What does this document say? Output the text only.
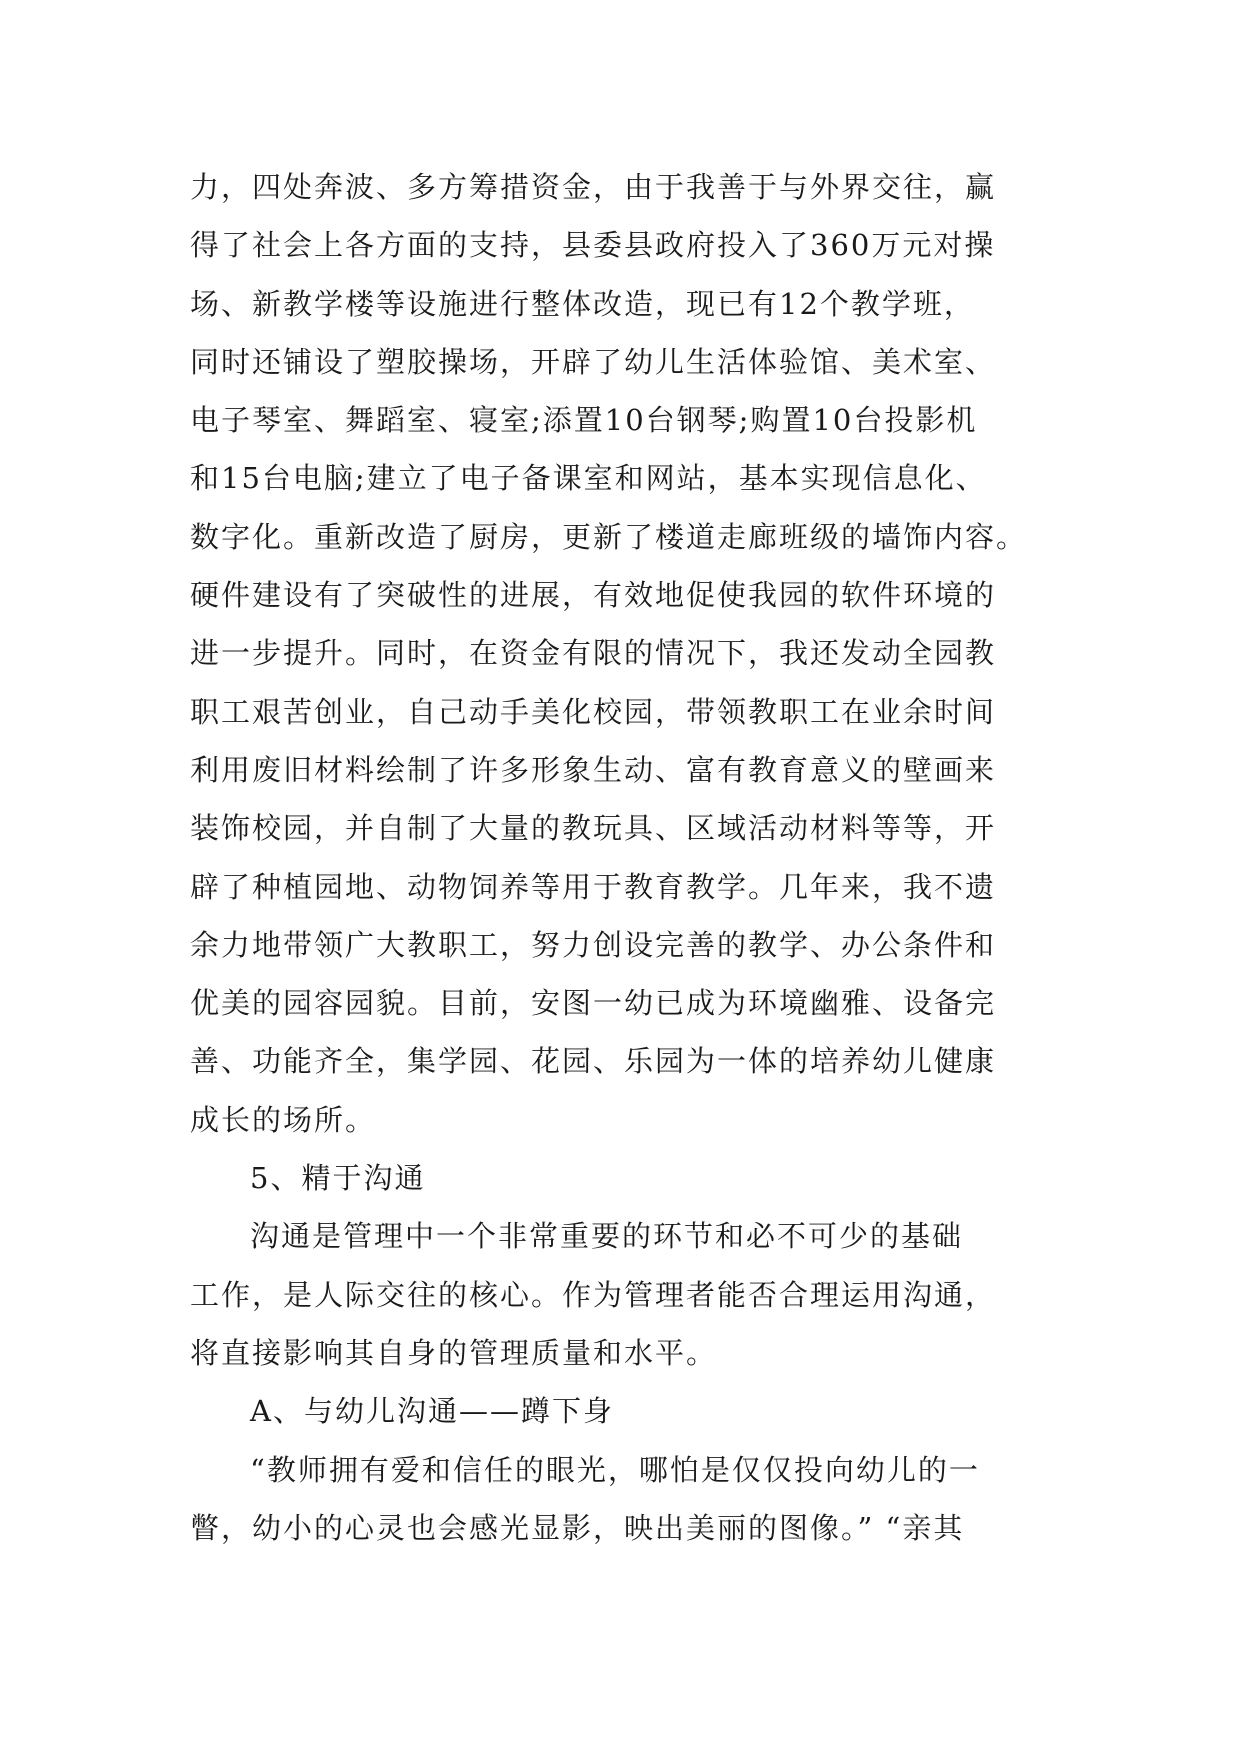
力，四处奔波、多方筹措资金，由于我善于与外界交往，赢
得了社会上各方面的支持，县委县政府投入了360万元对操
场、新教学楼等设施进行整体改造，现已有12个教学班，
同时还铺设了塑胶操场，开辟了幼儿生活体验馆、美术室、
电子琴室、舞蹈室、寝室;添置10台钢琴;购置10台投影机
和15台电脑;建立了电子备课室和网站，基本实现信息化、
数字化。重新改造了厨房，更新了楼道走廊班级的墙饰内容。
硬件建设有了突破性的进展，有效地促使我园的软件环境的
进一步提升。同时，在资金有限的情况下，我还发动全园教
职工艰苦创业，自己动手美化校园，带领教职工在业余时间
利用废旧材料绘制了许多形象生动、富有教育意义的壁画来
装饰校园，并自制了大量的教玩具、区域活动材料等等，开
辟了种植园地、动物饲养等用于教育教学。几年来，我不遗
余力地带领广大教职工，努力创设完善的教学、办公条件和
优美的园容园貌。目前，安图一幼已成为环境幽雅、设备完
善、功能齐全，集学园、花园、乐园为一体的培养幼儿健康
成长的场所。
5、精于沟通
沟通是管理中一个非常重要的环节和必不可少的基础
工作，是人际交往的核心。作为管理者能否合理运用沟通，
将直接影响其自身的管理质量和水平。
A、与幼儿沟通——蹲下身
“教师拥有爱和信任的眼光，哪怕是仅仅投向幼儿的一
瞥，幼小的心灵也会感光显影，映出美丽的图像。” “亲其
